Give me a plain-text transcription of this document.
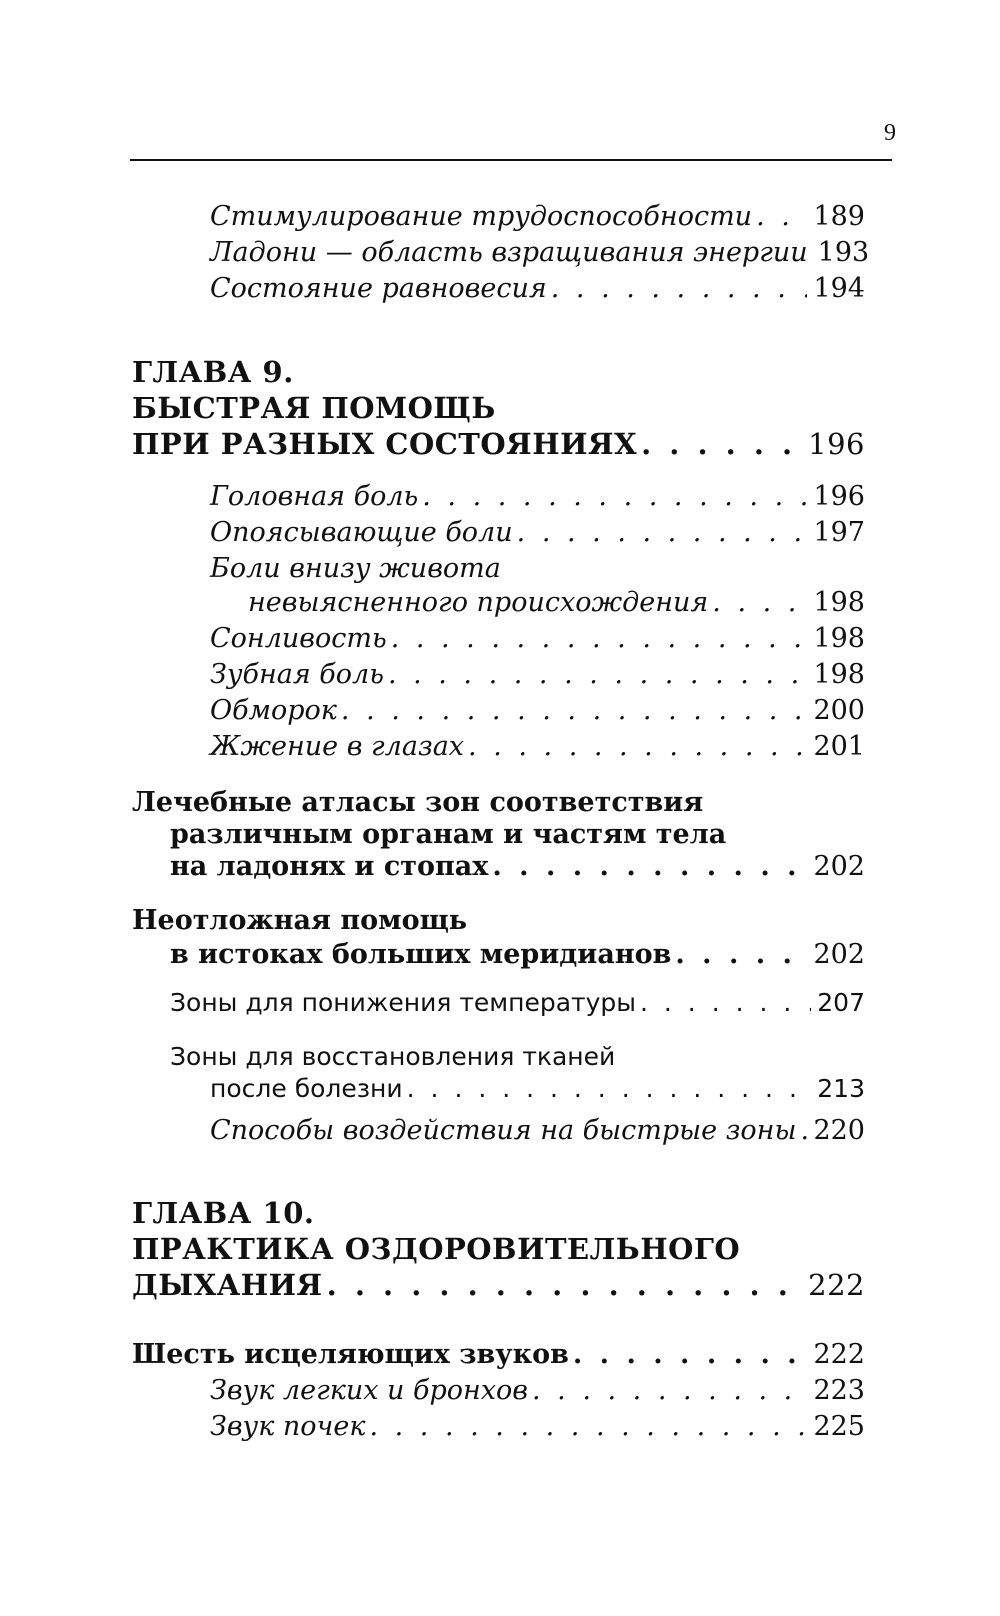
9
Стимулирование трудоспособности . . . 189
Ладони — область взращивания энергии 193
Состояние равновесия . . .	194
ГЛАВА 9.
БЫСТРАЯ ПОМОЩЬ
ПРИ РАЗНЫХ СОСТОЯНИЯХ . . .	196
Головная боль . . .	196
Опоясывающие боли . . .	197
Боли внизу живота
невыясненного происхождения . . .	198
Сонливость . . .	198
Зубная боль . . .	198
Обморок . . .	200
Жжение в глазах . . .	201
Лечебные атласы зон соответствия
различным органам и частям тела
на ладонях и стопах . . .	202
Неотложная помощь
в истоках больших меридианов . . .	202
Зоны для понижения температуры . . .	207
Зоны для восстановления тканей
после болезни . . .	213
Способы воздействия на быстрые зоны . . . 220
ГЛАВА 10.
ПРАКТИКА ОЗДОРОВИТЕЛЬНОГО
ДЫХАНИЯ . . .	222
Шесть исцеляющих звуков . . .	222
Звук легких и бронхов . . .	223
Звук почек . . .	225
